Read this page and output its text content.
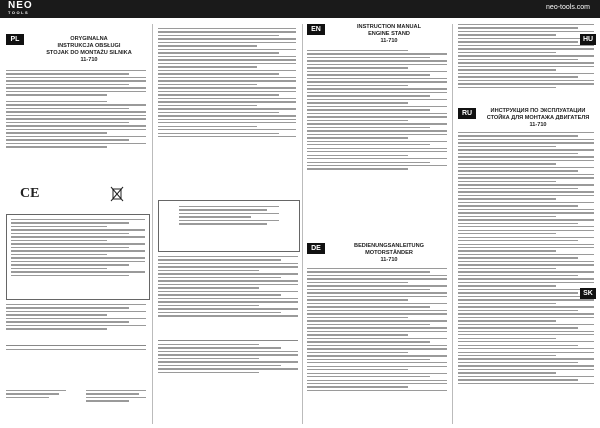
NEO
TOOLS
neo-tools.com
PL	ORYGINALNA
INSTRUKCJA OBSŁUGI
STOJAK DO MONTAŻU SILNIKA
11-710
CE
EN	INSTRUCTION MANUAL
ENGINE STAND
11-710
DE	BEDIENUNGSANLEITUNG
MOTORSTÄNDER
11-710
RU	ИНСТРУКЦИЯ ПО ЭКСПЛУАТАЦИИ
СТОЙКА ДЛЯ МОНТАЖА ДВИГАТЕЛЯ
11-710
HU
SK
